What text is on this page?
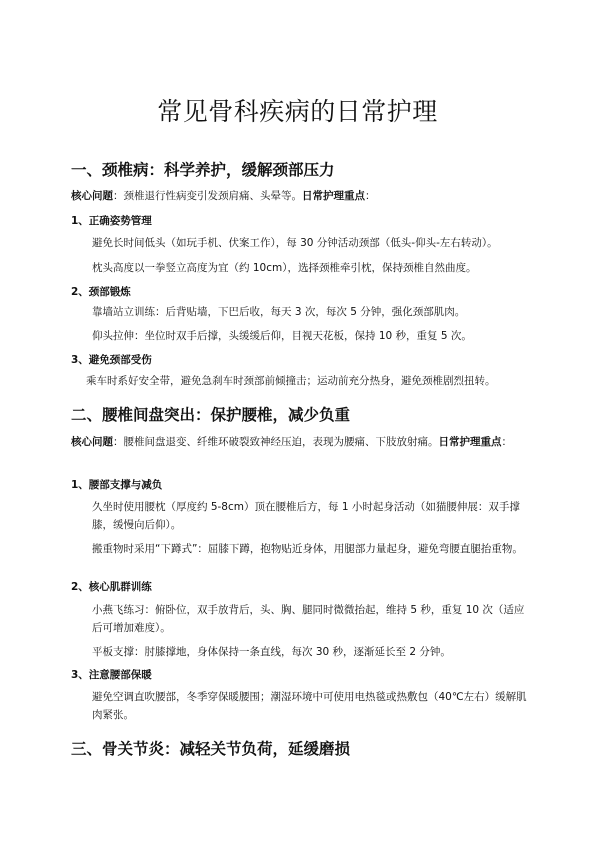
常见骨科疾病的日常护理
一、颈椎病：科学养护，缓解颈部压力
核心问题：颈椎退行性病变引发颈肩痛、头晕等。日常护理重点：
1、正确姿势管理
避免长时间低头（如玩手机、伏案工作），每 30 分钟活动颈部（低头-仰头-左右转动）。
枕头高度以一拳竖立高度为宜（约 10cm），选择颈椎牵引枕，保持颈椎自然曲度。
2、颈部锻炼
靠墙站立训练：后背贴墙，下巴后收，每天 3 次，每次 5 分钟，强化颈部肌肉。
仰头拉伸：坐位时双手后撑，头缓缓后仰，目视天花板，保持 10 秒，重复 5 次。
3、避免颈部受伤
乘车时系好安全带，避免急刹车时颈部前倾撞击；运动前充分热身，避免颈椎剧烈扭转。
二、腰椎间盘突出：保护腰椎，减少负重
核心问题：腰椎间盘退变、纤维环破裂致神经压迫，表现为腰痛、下肢放射痛。日常护理重点：
1、腰部支撑与减负
久坐时使用腰枕（厚度约 5-8cm）顶在腰椎后方，每 1 小时起身活动（如猫腰伸展：双手撑膝，缓慢向后仰）。
搬重物时采用“下蹲式”：屈膝下蹲，抱物贴近身体，用腿部力量起身，避免弯腰直腿抬重物。
2、核心肌群训练
小燕飞练习：俯卧位，双手放背后，头、胸、腿同时微微抬起，维持 5 秒，重复 10 次（适应后可增加难度）。
平板支撑：肘膝撑地，身体保持一条直线，每次 30 秒，逐渐延长至 2 分钟。
3、注意腰部保暖
避免空调直吹腰部，冬季穿保暖腰围；潮湿环境中可使用电热毯或热敷包（40℃左右）缓解肌肉紧张。
三、骨关节炎：减轻关节负荷，延缓磨损
